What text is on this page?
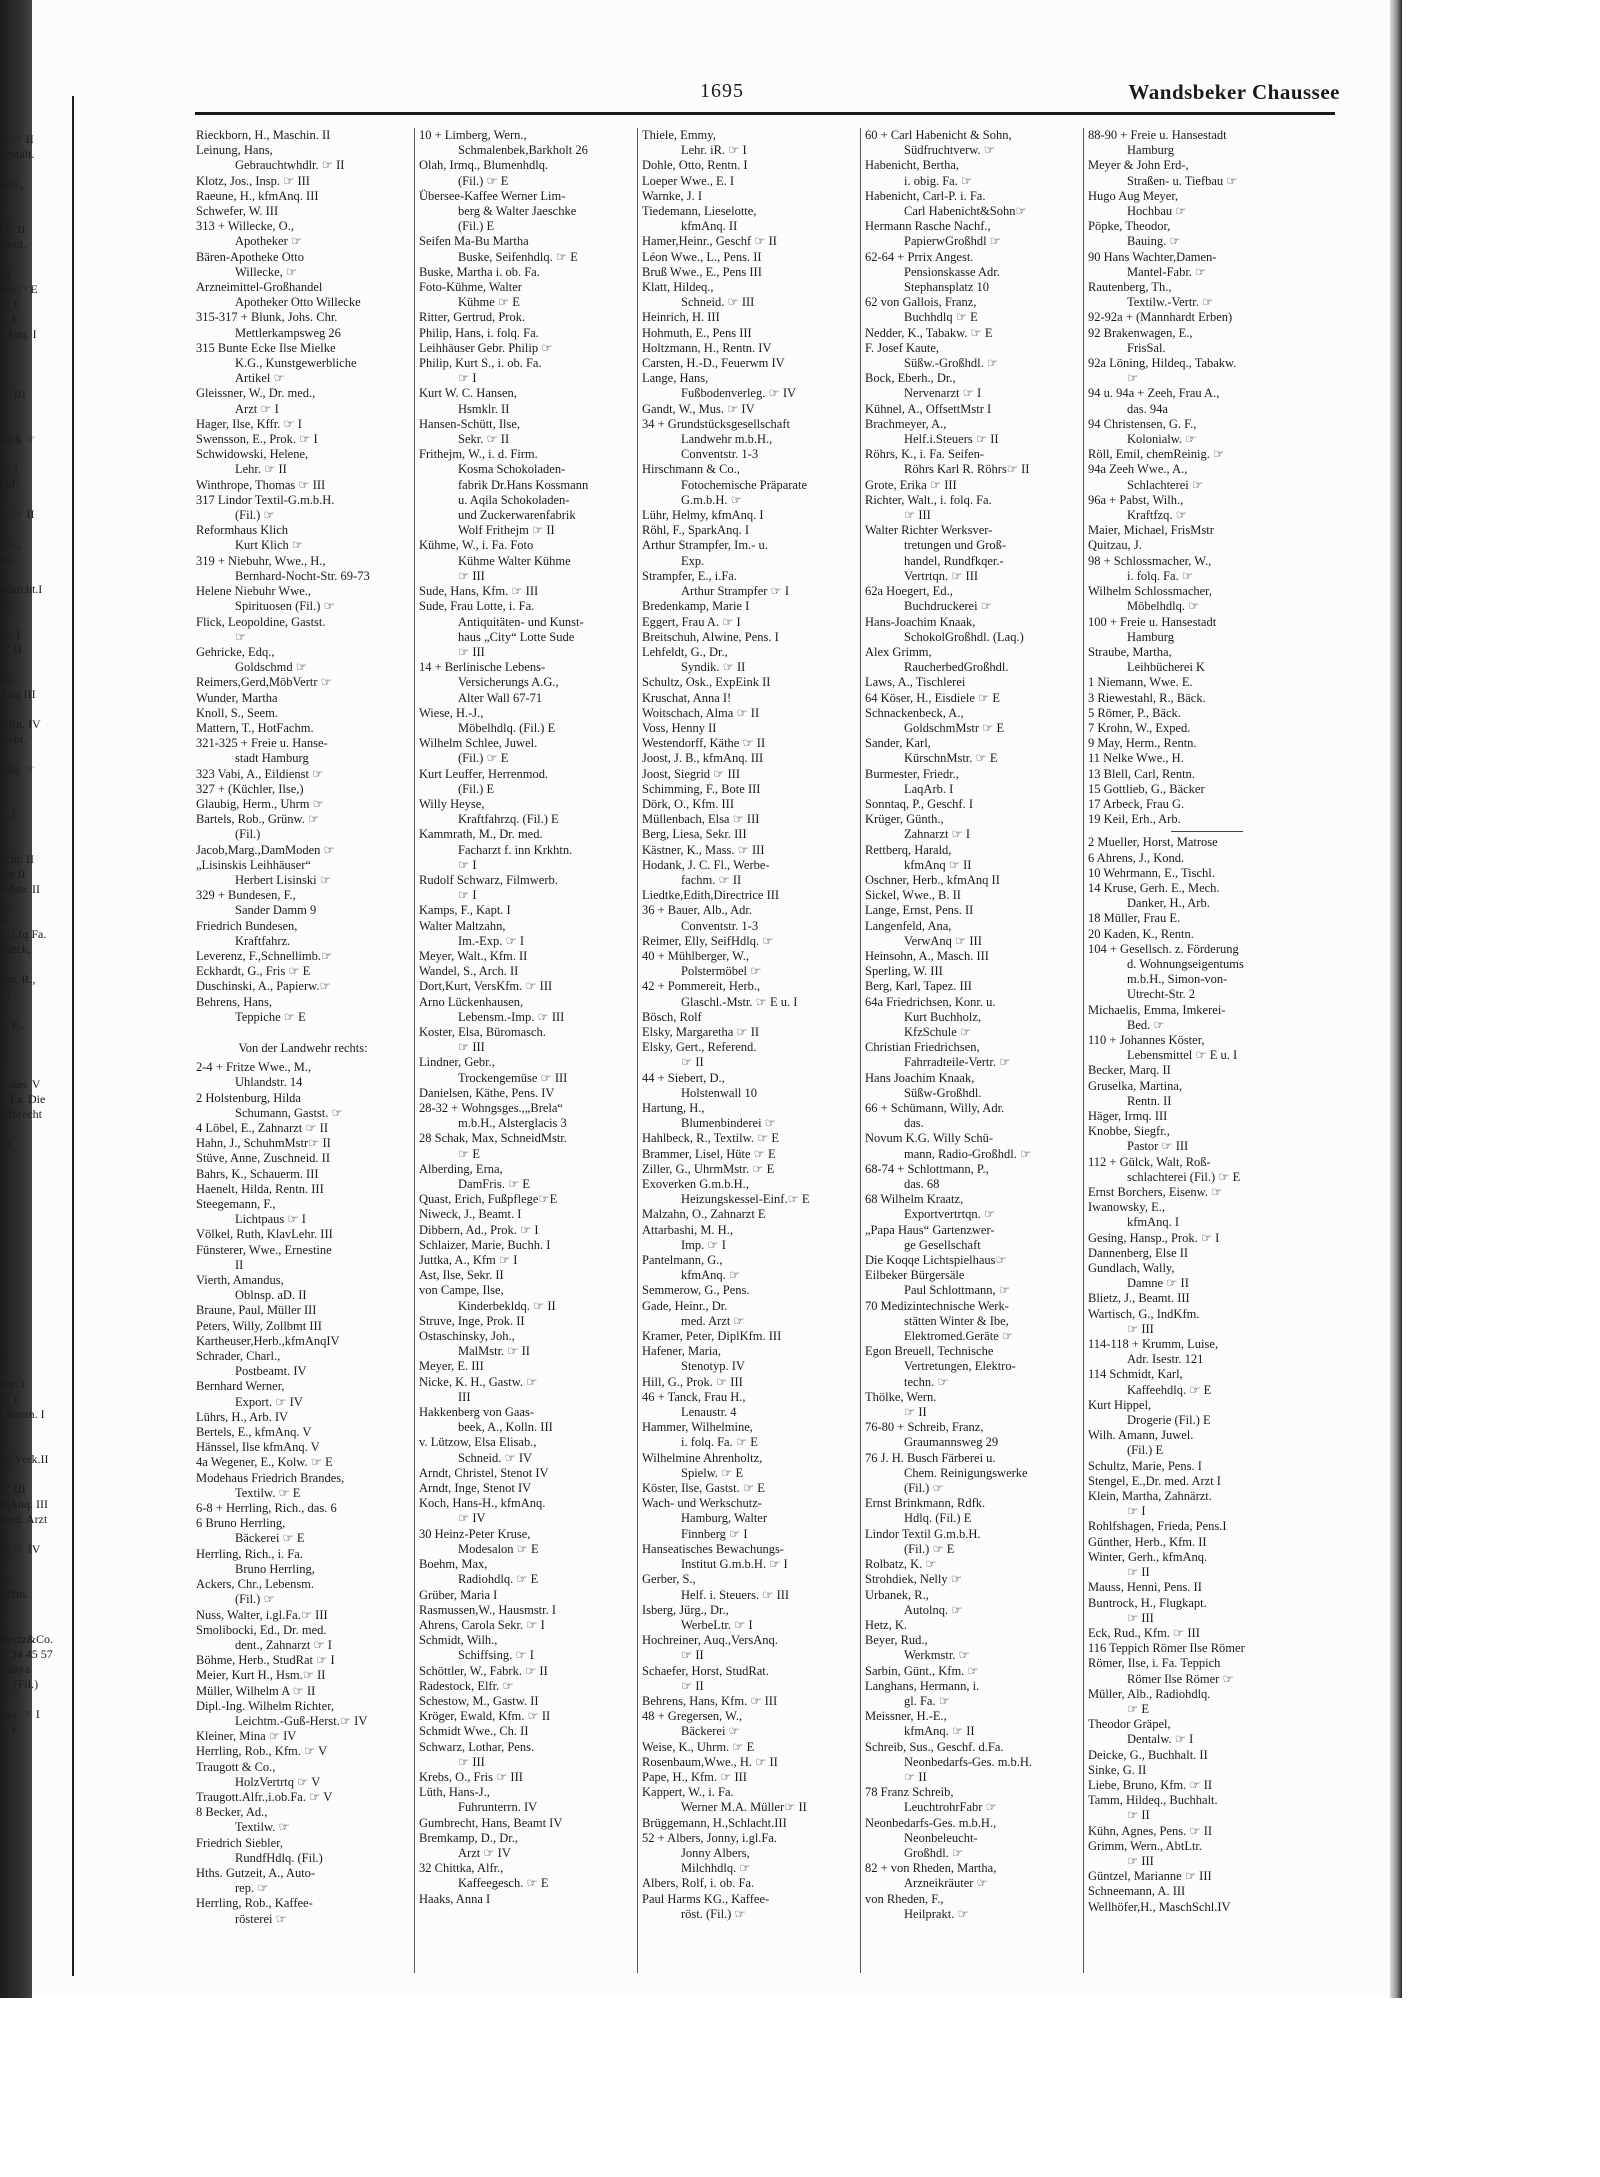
q. ☞ II
qestalt.
geb.,
E.,
ch. II
eamt.
lII
elw.☞E
☞ I
q. I
nAnq. I
☞ III
aack ☞
I
sr. I
chf.
ll. ☞ II
. G.,
III
enarcht.I
ır.,
rb. I
☞ II
III
Anq III
Kfm. IV
Gebr.
ldlq. ☞
n. I
acht. II
the II
rMstr. II
l.,
II
n. i.fq.Fa.
Vieck,
ınn. R.,
11
n. E.,
r.
f. das. V
f. Fa. Die
Albrecht
lII
e,
ehr. I
☞ I
, Rentn. I
h., Verk.II
☞ III
mAnq. III
med. Arzt
st. ☞ IV
h.,
lKfm.
h.
Hertz&Co.
☞34 45 57
Yahya
☞ (Fil.)
Inq. ☞ I
n. I
1695	Wandsbeker Chaussee
Rieckborn, H., Maschin. II
Leinung, Hans,
  Gebrauchtwhdlr. ☞ II
Klotz, Jos., Insp. ☞ III
Raeune, H., kfmAnq. III
Schwefer, W. III
313 + Willecke, O.,
  Apotheker ☞
Bären-Apotheke Otto
  Willecke, ☞
Arzneimittel-Großhandel
  Apotheker Otto Willecke
315-317 + Blunk, Johs. Chr.
  Mettlerkampsweg 26
315 Bunte Ecke Ilse Mielke
  K.G., Kunstgewerbliche
  Artikel ☞
Gleissner, W., Dr. med.,
  Arzt ☞ I
Hager, Ilse, Kffr. ☞ I
Swensson, E., Prok. ☞ I
Schwidowski, Helene,
  Lehr. ☞ II
Winthrope, Thomas ☞ III
317 Lindor Textil-G.m.b.H.
  (Fil.) ☞
Reformhaus Klich
  Kurt Klich ☞
319 + Niebuhr, Wwe., H.,
  Bernhard-Nocht-Str. 69-73
Helene Niebuhr Wwe.,
  Spirituosen (Fil.) ☞
Flick, Leopoldine, Gastst.
  ☞
Gehricke, Edq.,
  Goldschmd ☞
Reimers,Gerd,MöbVertr ☞
Wunder, Martha
Knoll, S., Seem.
Mattern, T., HotFachm.
321-325 + Freie u. Hanse-
  stadt Hamburg
323 Vabi, A., Eildienst ☞
327 + (Küchler, Ilse,)
Glaubig, Herm., Uhrm ☞
Bartels, Rob., Grünw. ☞
  (Fil.)
Jacob,Marg.,DamModen ☞
„Lisinskis Leihhäuser“
  Herbert Lisinski ☞
329 + Bundesen, F.,
  Sander Damm 9
Friedrich Bundesen,
  Kraftfahrz.
Leverenz, F.,Schnellimb.☞
Eckhardt, G., Fris ☞ E
Duschinski, A., Papierw.☞
Behrens, Hans,
  Teppiche ☞ E
Von der Landwehr rechts:
2-4 + Fritze Wwe., M.,
  Uhlandstr. 14
2 Holstenburg, Hilda
  Schumann, Gastst. ☞
4 Löbel, E., Zahnarzt ☞ II
Hahn, J., SchuhmMstr☞ II
Stüve, Anne, Zuschneid. II
Bahrs, K., Schauerm. III
Haenelt, Hilda, Rentn. III
Steegemann, F.,
  Lichtpaus ☞ I
Völkel, Ruth, KlavLehr. III
Fünsterer, Wwe., Ernestine
  II
Vierth, Amandus,
  Oblnsp. aD. II
Braune, Paul, Müller III
Peters, Willy, Zollbmt III
Kartheuser,Herb.,kfmAnqIV
Schrader, Charl.,
  Postbeamt. IV
Bernhard Werner,
  Export. ☞ IV
Lührs, H., Arb. IV
Bertels, E., kfmAnq. V
Hänssel, Ilse kfmAnq. V
4a Wegener, E., Kolw. ☞ E
Modehaus Friedrich Brandes,
  Textilw. ☞ E
6-8 + Herrling, Rich., das. 6
6 Bruno Herrling,
  Bäckerei ☞ E
Herrling, Rich., i. Fa.
  Bruno Herrling,
Ackers, Chr., Lebensm.
  (Fil.) ☞
Nuss, Walter, i.gl.Fa.☞ III
Smolibocki, Ed., Dr. med.
  dent., Zahnarzt ☞ I
Böhme, Herb., StudRat ☞ I
Meier, Kurt H., Hsm.☞ II
Müller, Wilhelm A ☞ II
Dipl.-Ing. Wilhelm Richter,
  Leichtm.-Guß-Herst.☞ IV
Kleiner, Mina ☞ IV
Herrling, Rob., Kfm. ☞ V
Traugott & Co.,
  HolzVertrtq ☞ V
Traugott.Alfr.,i.ob.Fa. ☞ V
8 Becker, Ad.,
  Textilw. ☞
Friedrich Siebler,
  RundfHdlq. (Fil.)
Hths. Gutzeit, A., Auto-
  rep. ☞
Herrling, Rob., Kaffee-
  rösterei ☞
10 + Limberg, Wern.,
  Schmalenbek,Barkholt 26
Olah, Irmq., Blumenhdlq.
  (Fil.) ☞ E
Übersee-Kaffee Werner Lim-
  berg & Walter Jaeschke
  (Fil.) E
Seifen Ma-Bu Martha
  Buske, Seifenhdlq. ☞ E
Buske, Martha i. ob. Fa.
Foto-Kühme, Walter
  Kühme ☞ E
Ritter, Gertrud, Prok.
Philip, Hans, i. folq. Fa.
Leihhäuser Gebr. Philip ☞
Philip, Kurt S., i. ob. Fa.
  ☞ I
Kurt W. C. Hansen,
  Hsmklr. II
Hansen-Schütt, Ilse,
  Sekr. ☞ II
Frithejm, W., i. d. Firm.
  Kosma Schokoladen-
  fabrik Dr.Hans Kossmann
  u. Aqila Schokoladen-
  und Zuckerwarenfabrik
  Wolf Frithejm ☞ II
Kühme, W., i. Fa. Foto
  Kühme Walter Kühme
  ☞ III
Sude, Hans, Kfm. ☞ III
Sude, Frau Lotte, i. Fa.
  Antiquitäten- und Kunst-
  haus „City“ Lotte Sude
  ☞ III
14 + Berlinische Lebens-
  Versicherungs A.G.,
  Alter Wall 67-71
Wiese, H.-J.,
  Möbelhdlq. (Fil.) E
Wilhelm Schlee, Juwel.
  (Fil.) ☞ E
Kurt Leuffer, Herrenmod.
  (Fil.) E
Willy Heyse,
  Kraftfahrzq. (Fil.) E
Kammrath, M., Dr. med.
  Facharzt f. inn Krkhtn.
  ☞ I
Rudolf Schwarz, Filmwerb.
  ☞ I
Kamps, F., Kapt. I
Walter Maltzahn,
  Im.-Exp. ☞ I
Meyer, Walt., Kfm. II
Wandel, S., Arch. II
Dort,Kurt, VersKfm. ☞ III
Arno Lückenhausen,
  Lebensm.-Imp. ☞ III
Koster, Elsa, Büromasch.
  ☞ III
Lindner, Gebr.,
  Trockengemüse ☞ III
Danielsen, Käthe, Pens. IV
28-32 + Wohngsges.,„Brela“
  m.b.H., Alsterglacis 3
28 Schak, Max, SchneidMstr.
  ☞ E
Alberding, Erna,
  DamFris. ☞ E
Quast, Erich, Fußpflege☞E
Niweck, J., Beamt. I
Dibbern, Ad., Prok. ☞ I
Schlaizer, Marie, Buchh. I
Juttka, A., Kfm ☞ I
Ast, Ilse, Sekr. II
von Campe, Ilse,
  Kinderbekldq. ☞ II
Struve, Inge, Prok. II
Ostaschinsky, Joh.,
  MalMstr. ☞ II
Meyer, E. III
Nicke, K. H., Gastw. ☞
  III
Hakkenberg von Gaas-
  beek, A., Kolln. III
v. Lützow, Elsa Elisab.,
  Schneid. ☞ IV
Arndt, Christel, Stenot IV
Arndt, Inge, Stenot IV
Koch, Hans-H., kfmAnq.
  ☞ IV
30 Heinz-Peter Kruse,
  Modesalon ☞ E
Boehm, Max,
  Radiohdlq. ☞ E
Grüber, Maria I
Rasmussen,W., Hausmstr. I
Ahrens, Carola Sekr. ☞ I
Schmidt, Wilh.,
  Schiffsing. ☞ I
Schöttler, W., Fabrk. ☞ II
Radestock, Elfr. ☞
Schestow, M., Gastw. II
Kröger, Ewald, Kfm. ☞ II
Schmidt Wwe., Ch. II
Schwarz, Lothar, Pens.
  ☞ III
Krebs, O., Fris ☞ III
Lüth, Hans-J.,
  Fuhrunterrn. IV
Gumbrecht, Hans, Beamt IV
Bremkamp, D., Dr.,
  Arzt ☞ IV
32 Chittka, Alfr.,
  Kaffeegesch. ☞ E
Haaks, Anna I
Thiele, Emmy,
  Lehr. iR. ☞ I
Dohle, Otto, Rentn. I
Loeper Wwe., E. I
Warnke, J. I
Tiedemann, Lieselotte,
  kfmAnq. II
Hamer,Heinr., Geschf ☞ II
Léon Wwe., L., Pens. II
Bruß Wwe., E., Pens III
Klatt, Hildeq.,
  Schneid. ☞ III
Heinrich, H. III
Hohmuth, E., Pens III
Holtzmann, H., Rentn. IV
Carsten, H.-D., Feuerwm IV
Lange, Hans,
  Fußbodenverleg. ☞ IV
Gandt, W., Mus. ☞ IV
34 + Grundstücksgesellschaft
  Landwehr m.b.H.,
  Conventstr. 1-3
Hirschmann & Co.,
  Fotochemische Präparate
  G.m.b.H. ☞
Lühr, Helmy, kfmAnq. I
Röhl, F., SparkAnq. I
Arthur Strampfer, Im.- u.
  Exp.
Strampfer, E., i.Fa.
  Arthur Strampfer ☞ I
Bredenkamp, Marie I
Eggert, Frau A. ☞ I
Breitschuh, Alwine, Pens. I
Lehfeldt, G., Dr.,
  Syndik. ☞ II
Schultz, Osk., ExpEink II
Kruschat, Anna I!
Woitschach, Alma ☞ II
Voss, Henny II
Westendorff, Käthe ☞ II
Joost, J. B., kfmAnq. III
Joost, Siegrid ☞ III
Schimming, F., Bote III
Dörk, O., Kfm. III
Müllenbach, Elsa ☞ III
Berg, Liesa, Sekr. III
Kästner, K., Mass. ☞ III
Hodank, J. C. Fl., Werbe-
  fachm. ☞ II
Liedtke,Edith,Directrice III
36 + Bauer, Alb., Adr.
  Conventstr. 1-3
Reimer, Elly, SeifHdlq. ☞
40 + Mühlberger, W.,
  Polstermöbel ☞
42 + Pommereit, Herb.,
  Glaschl.-Mstr. ☞ E u. I
Bösch, Rolf
Elsky, Margaretha ☞ II
Elsky, Gert., Referend.
  ☞ II
44 + Siebert, D.,
  Holstenwall 10
Hartung, H.,
  Blumenbinderei ☞
Hahlbeck, R., Textilw. ☞ E
Brammer, Lisel, Hüte ☞ E
Ziller, G., UhrmMstr. ☞ E
Exoverken G.m.b.H.,
  Heizungskessel-Einf.☞ E
Malzahn, O., Zahnarzt E
Attarbashi, M. H.,
  Imp. ☞ I
Pantelmann, G.,
  kfmAnq. ☞
Semmerow, G., Pens.
Gade, Heinr., Dr.
  med. Arzt ☞
Kramer, Peter, DiplKfm. III
Hafener, Maria,
  Stenotyp. IV
Hill, G., Prok. ☞ III
46 + Tanck, Frau H.,
  Lenaustr. 4
Hammer, Wilhelmine,
  i. folq. Fa. ☞ E
Wilhelmine Ahrenholtz,
  Spielw. ☞ E
Köster, Ilse, Gastst. ☞ E
Wach- und Werkschutz-
  Hamburg, Walter
  Finnberg ☞ I
Hanseatisches Bewachungs-
  Institut G.m.b.H. ☞ I
Gerber, S.,
  Helf. i. Steuers. ☞ III
Isberg, Jürg., Dr.,
  WerbeLtr. ☞ I
Hochreiner, Auq.,VersAnq.
  ☞ II
Schaefer, Horst, StudRat.
  ☞ II
Behrens, Hans, Kfm. ☞ III
48 + Gregersen, W.,
  Bäckerei ☞
Weise, K., Uhrm. ☞ E
Rosenbaum,Wwe., H. ☞ II
Pape, H., Kfm. ☞ III
Kappert, W., i. Fa.
  Werner M.A. Müller☞ II
Brüggemann, H.,Schlacht.III
52 + Albers, Jonny, i.gl.Fa.
  Jonny Albers,
  Milchhdlq. ☞
Albers, Rolf, i. ob. Fa.
Paul Harms KG., Kaffee-
  röst. (Fil.) ☞
60 + Carl Habenicht & Sohn,
  Südfruchtverw. ☞
Habenicht, Bertha,
  i. obig. Fa. ☞
Habenicht, Carl-P. i. Fa.
  Carl Habenicht&Sohn☞
Hermann Rasche Nachf.,
  PapierwGroßhdl ☞
62-64 + Prrix Angest.
  Pensionskasse Adr.
  Stephansplatz 10
62 von Gallois, Franz,
  Buchhdlq ☞ E
Nedder, K., Tabakw. ☞ E
F. Josef Kaute,
  Süßw.-Großhdl. ☞
Bock, Eberh., Dr.,
  Nervenarzt ☞ I
Kühnel, A., OffsettMstr I
Brachmeyer, A.,
  Helf.i.Steuers ☞ II
Röhrs, K., i. Fa. Seifen-
  Röhrs Karl R. Röhrs☞ II
Grote, Erika ☞ III
Richter, Walt., i. folq. Fa.
  ☞ III
Walter Richter Werksver-
  tretungen und Groß-
  handel, Rundfkqer.-
  Vertrtqn. ☞ III
62a Hoegert, Ed.,
  Buchdruckerei ☞
Hans-Joachim Knaak,
  SchokolGroßhdl. (Laq.)
Alex Grimm,
  RaucherbedGroßhdl.
Laws, A., Tischlerei
64 Köser, H., Eisdiele ☞ E
Schnackenbeck, A.,
  GoldschmMstr ☞ E
Sander, Karl,
  KürschnMstr. ☞ E
Burmester, Friedr.,
  LaqArb. I
Sonntaq, P., Geschf. I
Krüger, Günth.,
  Zahnarzt ☞ I
Rettberq, Harald,
  kfmAnq ☞ II
Oschner, Herb., kfmAnq II
Sickel, Wwe., B. II
Lange, Ernst, Pens. II
Langenfeld, Ana,
  VerwAnq ☞ III
Heinsohn, A., Masch. III
Sperling, W. III
Berg, Karl, Tapez. III
64a Friedrichsen, Konr. u.
  Kurt Buchholz,
  KfzSchule ☞
Christian Friedrichsen,
  Fahrradteile-Vertr. ☞
Hans Joachim Knaak,
  Süßw-Großhdl.
66 + Schümann, Willy, Adr.
  das.
Novum K.G. Willy Schü-
  mann, Radio-Großhdl. ☞
68-74 + Schlottmann, P.,
  das. 68
68 Wilhelm Kraatz,
  Exportvertrtqn. ☞
„Papa Haus“ Gartenzwer-
  ge Gesellschaft
Die Koqqe Lichtspielhaus☞
Eilbeker Bürgersäle
  Paul Schlottmann, ☞
70 Medizintechnische Werk-
  stätten Winter & Ibe,
  Elektromed.Geräte ☞
Egon Breuell, Technische
  Vertretungen, Elektro-
  techn. ☞
Thölke, Wern.
  ☞ II
76-80 + Schreib, Franz,
  Graumannsweg 29
76 J. H. Busch Färberei u.
  Chem. Reinigungswerke
  (Fil.) ☞
Ernst Brinkmann, Rdfk.
  Hdlq. (Fil.) E
Lindor Textil G.m.b.H.
  (Fil.) ☞ E
Rolbatz, K. ☞
Strohdiek, Nelly ☞
Urbanek, R.,
  Autolnq. ☞
Hetz, K.
Beyer, Rud.,
  Werkmstr. ☞
Sarbin, Günt., Kfm. ☞
Langhans, Hermann, i.
  gl. Fa. ☞
Meissner, H.-E.,
  kfmAnq. ☞ II
Schreib, Sus., Geschf. d.Fa.
  Neonbedarfs-Ges. m.b.H.
  ☞ II
78 Franz Schreib,
  LeuchtrohrFabr ☞
Neonbedarfs-Ges. m.b.H.,
  Neonbeleucht-
  Großhdl. ☞
82 + von Rheden, Martha,
  Arzneikräuter ☞
von Rheden, F.,
  Heilprakt. ☞
88-90 + Freie u. Hansestadt
  Hamburg
Meyer & John Erd-,
  Straßen- u. Tiefbau ☞
Hugo Aug Meyer,
  Hochbau ☞
Pöpke, Theodor,
  Bauing. ☞
90 Hans Wachter,Damen-
  Mantel-Fabr. ☞
Rautenberg, Th.,
  Textilw.-Vertr. ☞
92-92a + (Mannhardt Erben)
92 Brakenwagen, E.,
  FrisSal.
92a Löning, Hildeq., Tabakw.
  ☞
94 u. 94a + Zeeh, Frau A.,
  das. 94a
94 Christensen, G. F.,
  Kolonialw. ☞
Röll, Emil, chemReinig. ☞
94a Zeeh Wwe., A.,
  Schlachterei ☞
96a + Pabst, Wilh.,
  Kraftfzq. ☞
Maier, Michael, FrisMstr
Quitzau, J.
98 + Schlossmacher, W.,
  i. folq. Fa. ☞
Wilhelm Schlossmacher,
  Möbelhdlq. ☞
100 + Freie u. Hansestadt
  Hamburg
Straube, Martha,
  Leihbücherei K
1 Niemann, Wwe. E.
3 Riewestahl, R., Bäck.
5 Römer, P., Bäck.
7 Krohn, W., Exped.
9 May, Herm., Rentn.
11 Nelke Wwe., H.
13 Blell, Carl, Rentn.
15 Gottlieb, G., Bäcker
17 Arbeck, Frau G.
19 Keil, Erh., Arb.
2 Mueller, Horst, Matrose
6 Ahrens, J., Kond.
10 Wehrmann, E., Tischl.
14 Kruse, Gerh. E., Mech.
  Danker, H., Arb.
18 Müller, Frau E.
20 Kaden, K., Rentn.
104 + Gesellsch. z. Förderung
  d. Wohnungseigentums
  m.b.H., Simon-von-
  Utrecht-Str. 2
Michaelis, Emma, Imkerei-
  Bed. ☞
110 + Johannes Köster,
  Lebensmittel ☞ E u. I
Becker, Marq. II
Gruselka, Martina,
  Rentn. II
Häger, Irmq. III
Knobbe, Siegfr.,
  Pastor ☞ III
112 + Gülck, Walt, Roß-
  schlachterei (Fil.) ☞ E
Ernst Borchers, Eisenw. ☞
Iwanowsky, E.,
  kfmAnq. I
Gesing, Hansp., Prok. ☞ I
Dannenberg, Else II
Gundlach, Wally,
  Damne ☞ II
Blietz, J., Beamt. III
Wartisch, G., IndKfm.
  ☞ III
114-118 + Krumm, Luise,
  Adr. Isestr. 121
114 Schmidt, Karl,
  Kaffeehdlq. ☞ E
Kurt Hippel,
  Drogerie (Fil.) E
Wilh. Amann, Juwel.
  (Fil.) E
Schultz, Marie, Pens. I
Stengel, E.,Dr. med. Arzt I
Klein, Martha, Zahnärzt.
  ☞ I
Rohlfshagen, Frieda, Pens.I
Günther, Herb., Kfm. II
Winter, Gerh., kfmAnq.
  ☞ II
Mauss, Henni, Pens. II
Buntrock, H., Flugkapt.
  ☞ III
Eck, Rud., Kfm. ☞ III
116 Teppich Römer Ilse Römer
Römer, Ilse, i. Fa. Teppich
  Römer Ilse Römer ☞
Müller, Alb., Radiohdlq.
  ☞ E
Theodor Gräpel,
  Dentalw. ☞ I
Deicke, G., Buchhalt. II
Sinke, G. II
Liebe, Bruno, Kfm. ☞ II
Tamm, Hildeq., Buchhalt.
  ☞ II
Kühn, Agnes, Pens. ☞ II
Grimm, Wern., AbtLtr.
  ☞ III
Güntzel, Marianne ☞ III
Schneemann, A. III
Wellhöfer,H., MaschSchl.IV
